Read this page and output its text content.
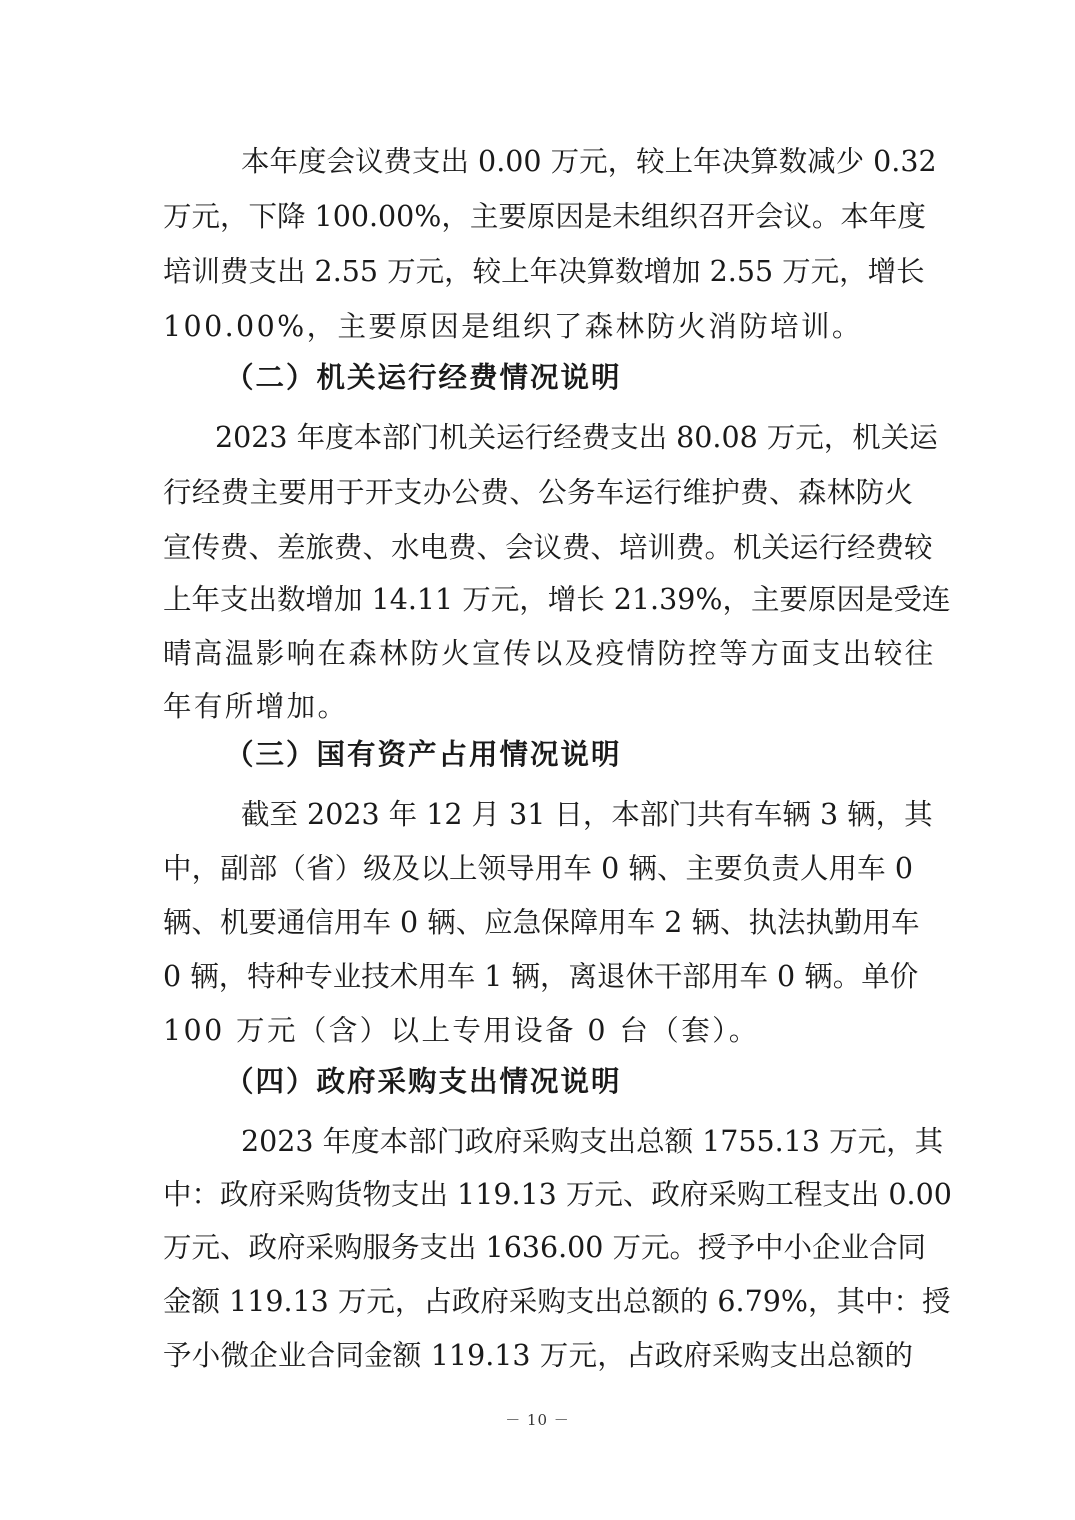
本年度会议费支出 0.00 万元，较上年决算数减少 0.32
万元，下降 100.00%，主要原因是未组织召开会议。本年度
培训费支出 2.55 万元，较上年决算数增加 2.55 万元，增长
100.00%，主要原因是组织了森林防火消防培训。
（二）机关运行经费情况说明
2023 年度本部门机关运行经费支出 80.08 万元，机关运
行经费主要用于开支办公费、公务车运行维护费、森林防火
宣传费、差旅费、水电费、会议费、培训费。机关运行经费较
上年支出数增加 14.11 万元，增长 21.39%，主要原因是受连
晴高温影响在森林防火宣传以及疫情防控等方面支出较往
年有所增加。
（三）国有资产占用情况说明
截至 2023 年 12 月 31 日，本部门共有车辆 3 辆，其
中，副部（省）级及以上领导用车 0 辆、主要负责人用车 0
辆、机要通信用车 0 辆、应急保障用车 2 辆、执法执勤用车
0 辆，特种专业技术用车 1 辆，离退休干部用车 0 辆。单价
100 万元（含）以上专用设备 0 台（套）。
（四）政府采购支出情况说明
2023 年度本部门政府采购支出总额 1755.13 万元，其
中：政府采购货物支出 119.13 万元、政府采购工程支出 0.00
万元、政府采购服务支出 1636.00 万元。授予中小企业合同
金额 119.13 万元，占政府采购支出总额的 6.79%，其中：授
予小微企业合同金额 119.13 万元，占政府采购支出总额的
－ 10 －
